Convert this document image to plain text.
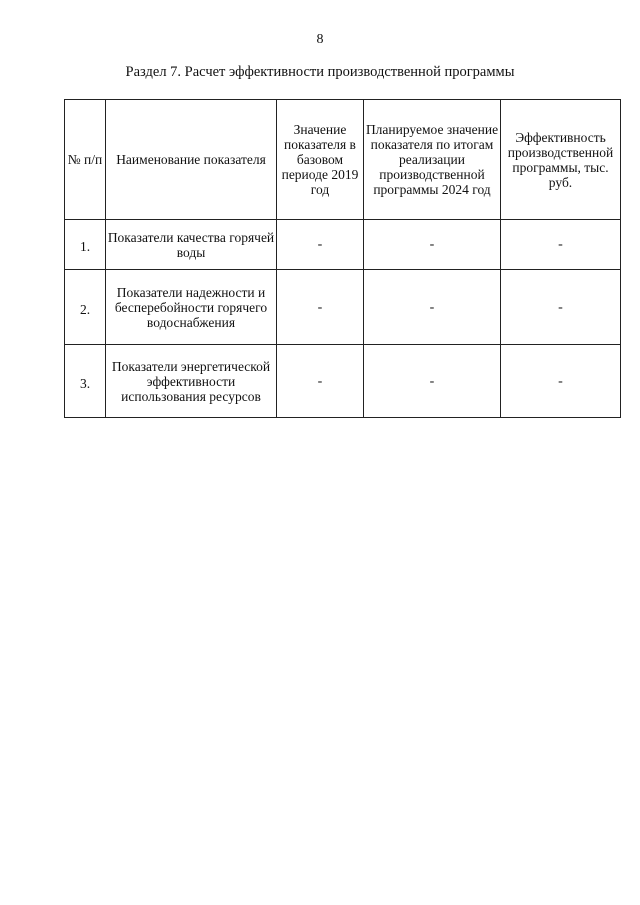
8
Раздел 7. Расчет эффективности производственной программы
№ п/п	Наименование показателя	Значение показателя в базовом периоде 2019 год	Планируемое значение показателя по итогам реализации производственной программы 2024 год	Эффективность производственной программы, тыс. руб.
1.	Показатели качества горячей воды	-	-	-
2.	Показатели надежности и бесперебойности горячего водоснабжения	-	-	-
3.	Показатели энергетической эффективности использования ресурсов	-	-	-
